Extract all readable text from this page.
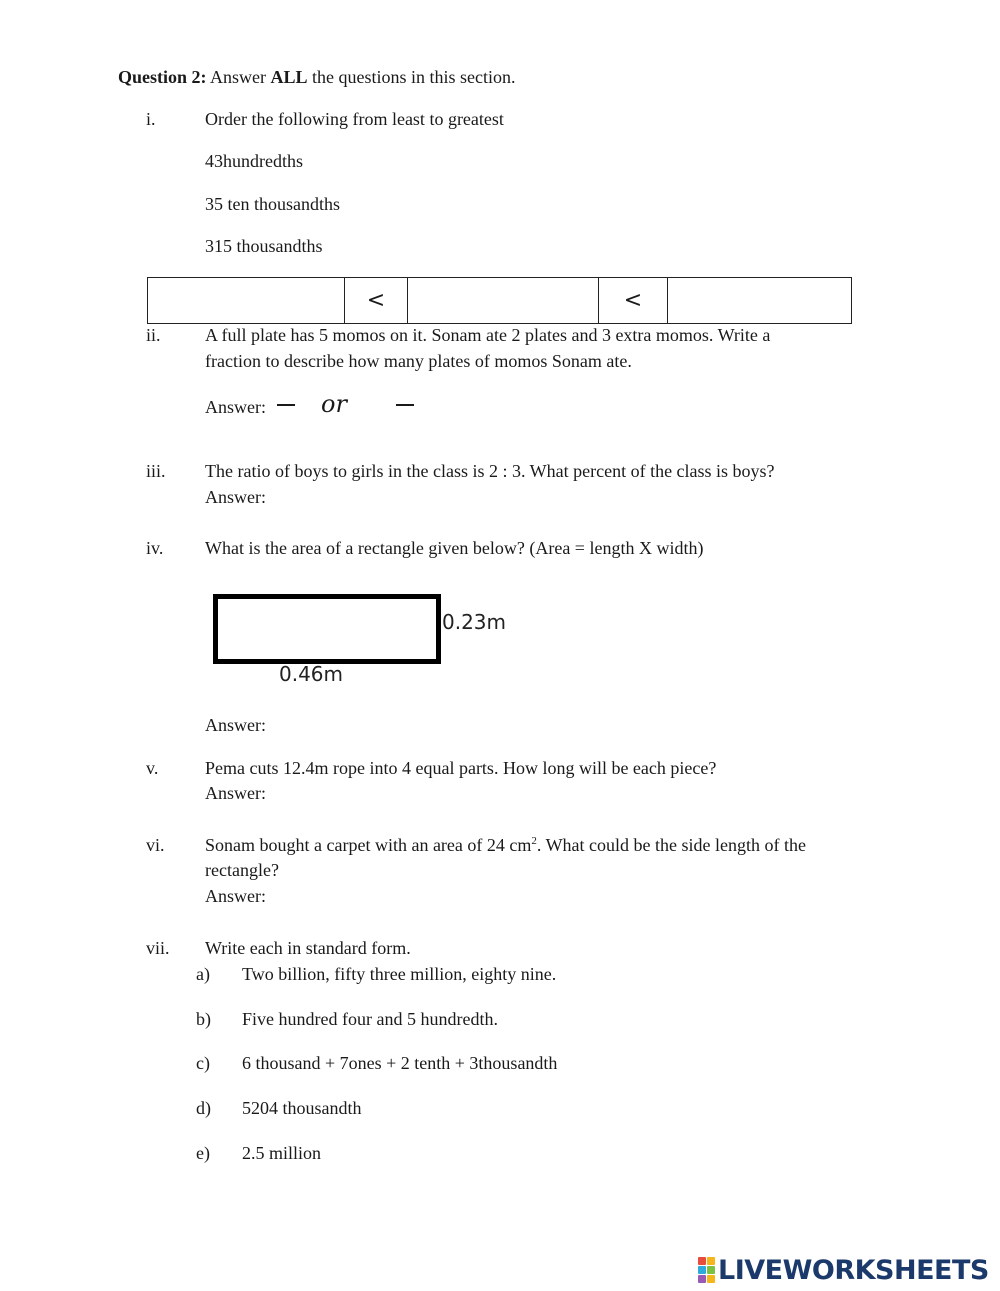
Question 2: Answer ALL the questions in this section.
i.	Order the following from least to greatest
43hundredths
35 ten thousandths
315 thousandths
	<		<	
ii. A full plate has 5 momos on it. Sonam ate 2 plates and 3 extra momos. Write a
fraction to describe how many plates of momos Sonam ate.
Answer: or
iii. The ratio of boys to girls in the class is 2 : 3. What percent of the class is boys?
Answer:
iv. What is the area of a rectangle given below? (Area = length X width)
0.23m
0.46m
Answer:
v.	Pema cuts 12.4m rope into 4 equal parts. How long will be each piece?
Answer:
vi. Sonam bought a carpet with an area of 24 $cm^2$. What could be the side length of the
rectangle?
Answer:
vii. Write each in standard form.
a) Two billion, fifty three million, eighty nine.
b) Five hundred four and 5 hundredth.
c) 6 thousand + 7ones + 2 tenth + 3thousandth
d) 5204 thousandth
e) 2.5 million
LIVEWORKSHEETS
